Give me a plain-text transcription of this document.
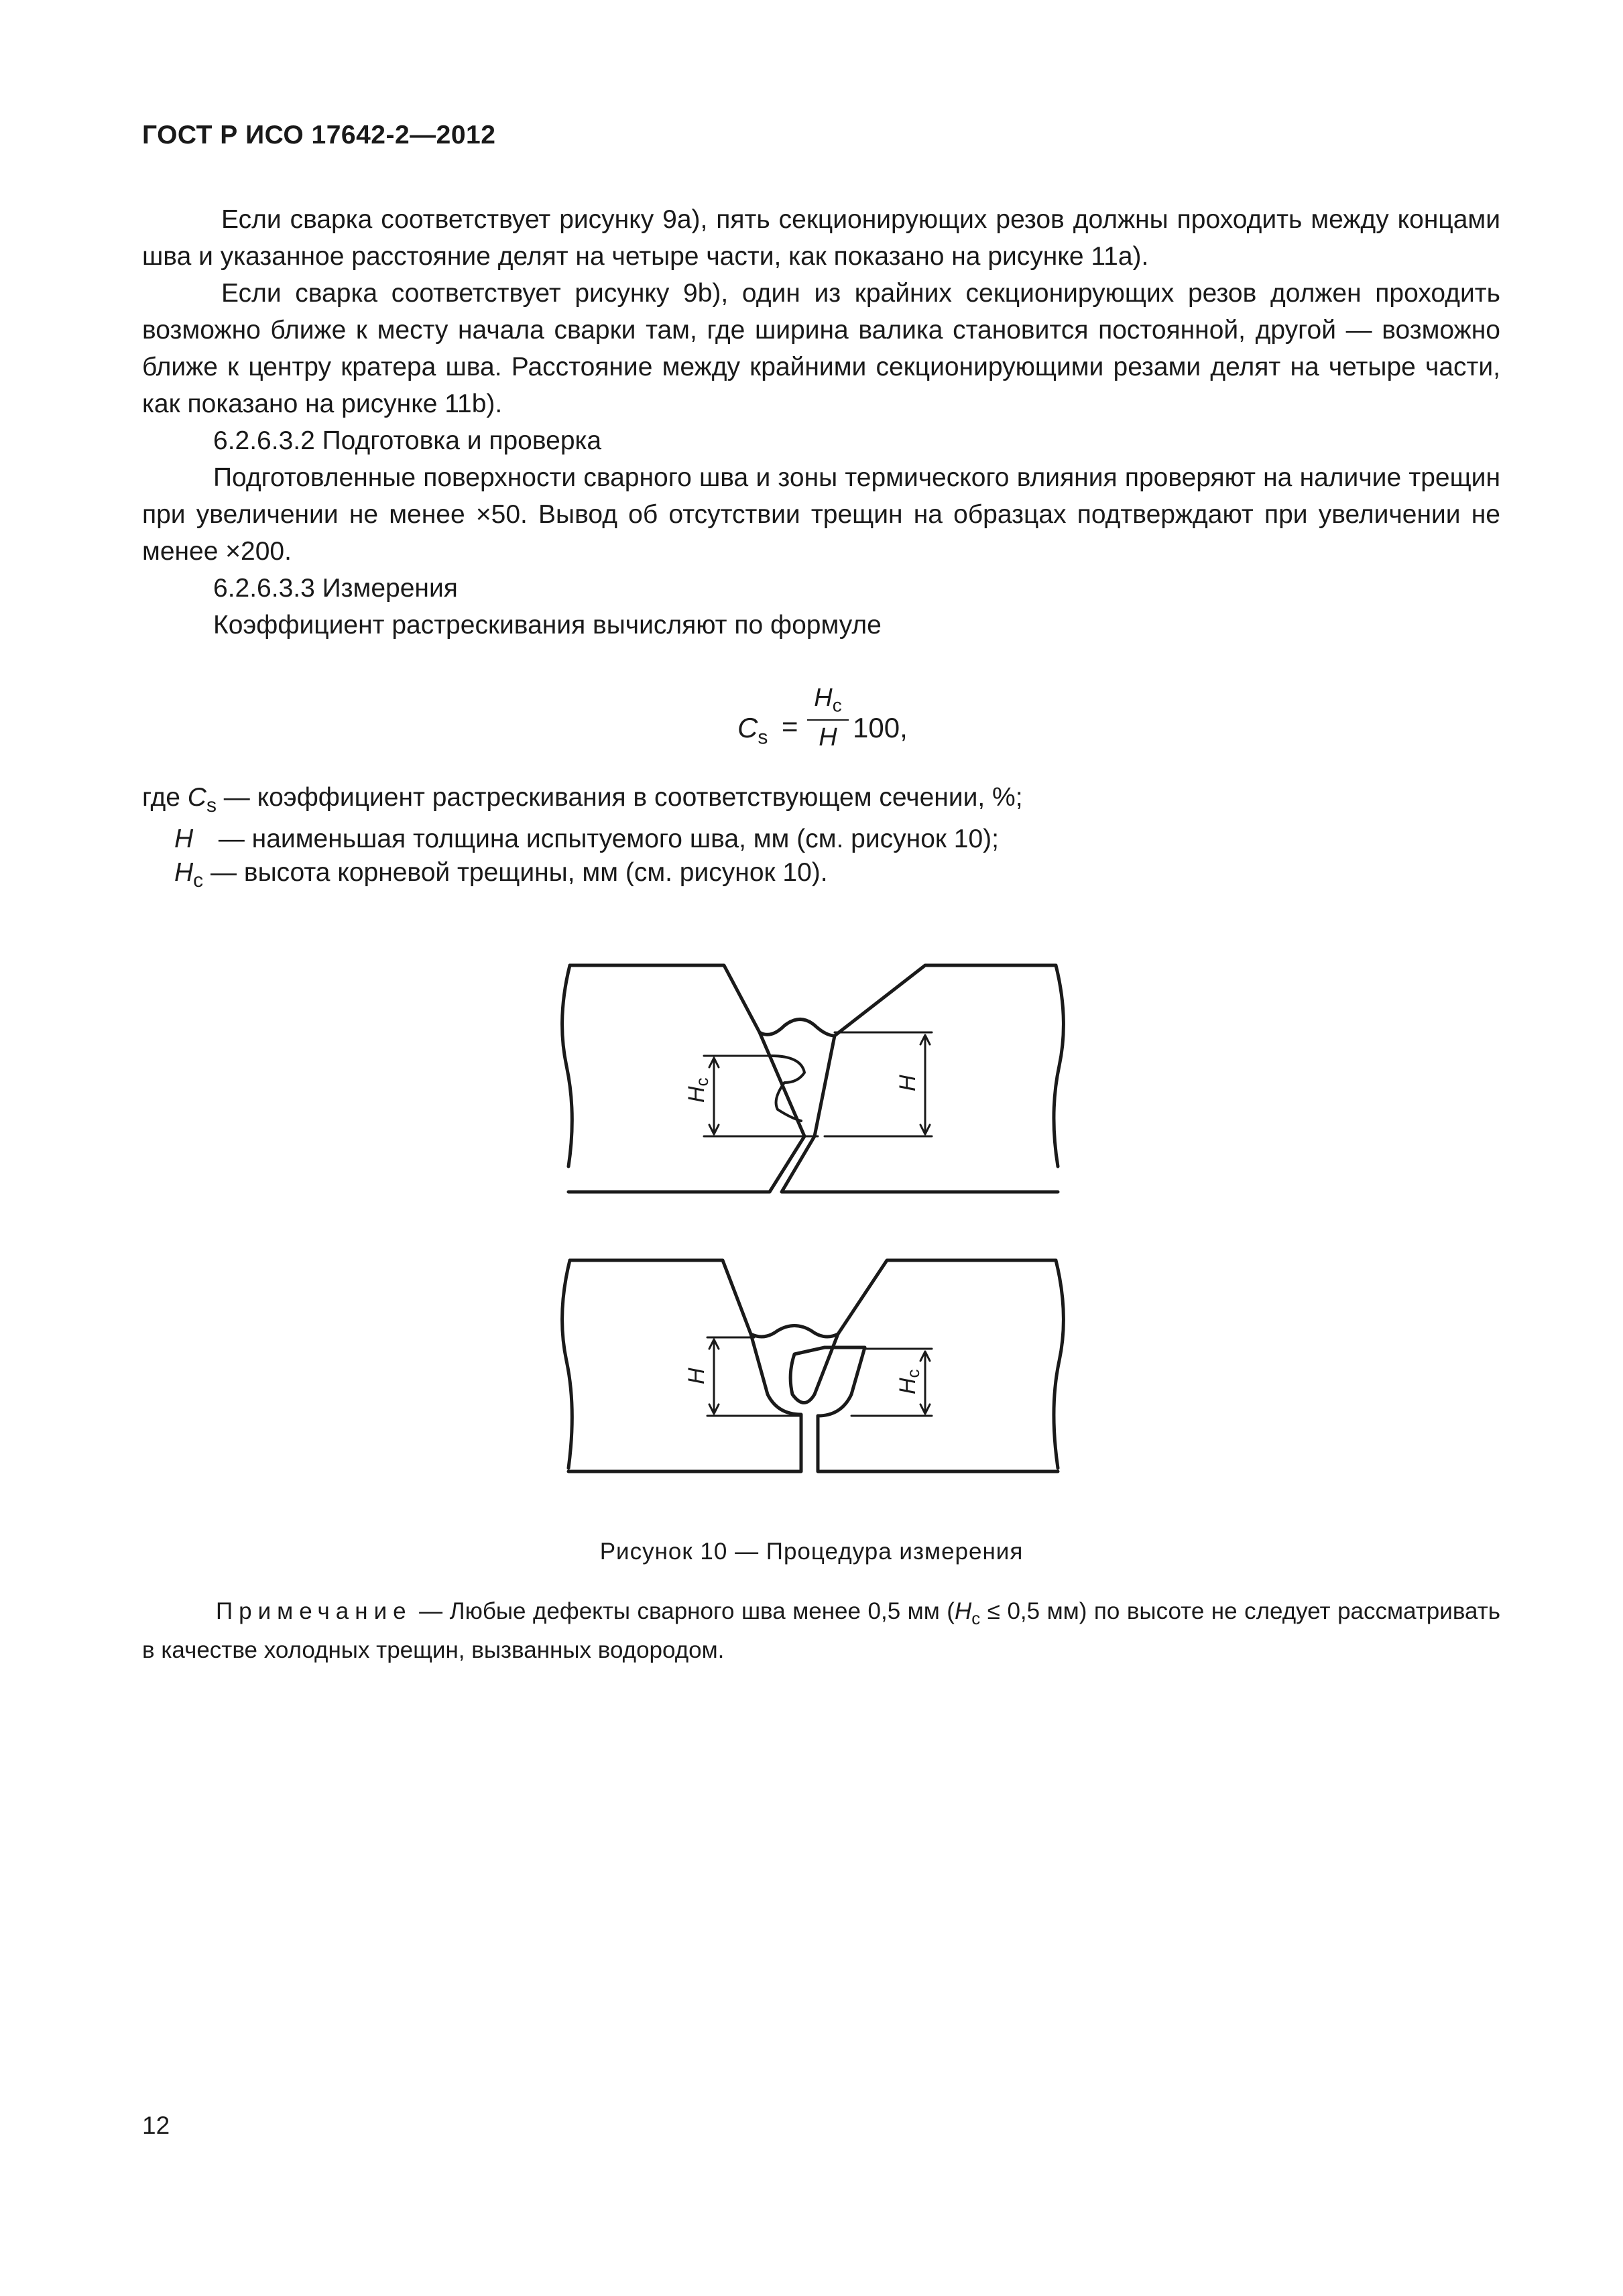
ГОСТ Р ИСО 17642-2—2012

Если сварка соответствует рисунку 9а), пять секционирующих резов должны проходить между концами шва и указанное расстояние делят на четыре части, как показано на рисунке 11а).

Если сварка соответствует рисунку 9b), один из крайних секционирующих резов должен проходить возможно ближе к месту начала сварки там, где ширина валика становится постоянной, другой — возможно ближе к центру кратера шва. Расстояние между крайними секционирующими резами делят на четыре части, как показано на рисунке 11b).

6.2.6.3.2 Подготовка и проверка

Подготовленные поверхности сварного шва и зоны термического влияния проверяют на наличие трещин при увеличении не менее ×50. Вывод об отсутствии трещин на образцах подтверждают при увеличении не менее ×200.

6.2.6.3.3 Измерения

Коэффициент растрескивания вычисляют по формуле

$C_s$ =
$H_c$
H 100,
где $C_s$ — коэффициент растрескивания в соответствующем сечении, %;
H — наименьшая толщина испытуемого шва, мм (см. рисунок 10);
$H_c$ — высота корневой трещины, мм (см. рисунок 10).
Hc	H
H
Hc
Рисунок 10 — Процедура измерения
Примечание — Любые дефекты сварного шва менее 0,5 мм ($H_c \le 0,5$ мм) по высоте не следует рассматривать в качестве холодных трещин, вызванных водородом.
12
